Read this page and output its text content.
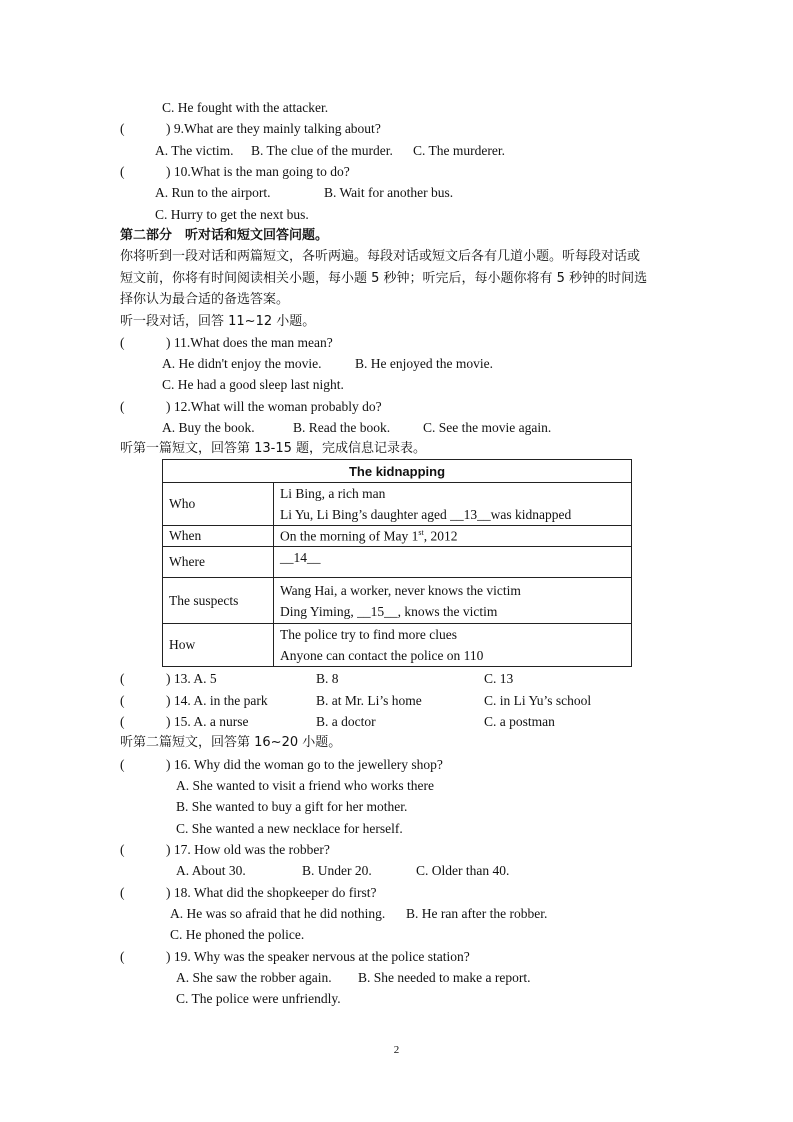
C. He fought with the attacker.
(	) 9.What are they mainly talking about?
A. The victim. B. The clue of the murder. C. The murderer.
(	) 10.What is the man going to do?
A. Run to the airport.	B. Wait for another bus.
C. Hurry to get the next bus.
第二部分　听对话和短文回答问题。
你将听到一段对话和两篇短文，各听两遍。每段对话或短文后各有几道小题。听每段对话或
短文前，你将有时间阅读相关小题，每小题 5 秒钟；听完后，每小题你将有 5 秒钟的时间选
择你认为最合适的备选答案。
听一段对话，回答 11~12 小题。
(	) 11.What does the man mean?
A. He didn't enjoy the movie. B. He enjoyed the movie.
C. He had a good sleep last night.
(	) 12.What will the woman probably do?
A. Buy the book.	B. Read the book. C. See the movie again.
听第一篇短文，回答第 13-15 题，完成信息记录表。
The kidnapping	
Who	Li Bing, a rich man
Li Yu, Li Bing’s daughter aged __13__was kidnapped

When	On the morning of May 1st, 2012
Where	__14__

The suspects	Wang Hai, a worker, never knows the victim
Ding Yiming, __15__, knows the victim

How	The police try to find more clues
Anyone can contact the police on 110
(	) 13. A. 5	B. 8	C. 13
(	) 14. A. in the park	B. at Mr. Li’s home	C. in Li Yu’s school
(	) 15. A. a nurse	B. a doctor	C. a postman
听第二篇短文，回答第 16~20 小题。
(	) 16. Why did the woman go to the jewellery shop?
A. She wanted to visit a friend who works there
B. She wanted to buy a gift for her mother.
C. She wanted a new necklace for herself.
(	) 17. How old was the robber?
A. About 30.	B. Under 20.	C. Older than 40.
(	) 18. What did the shopkeeper do first?
A. He was so afraid that he did nothing. B. He ran after the robber.
C. He phoned the police.
(	) 19. Why was the speaker nervous at the police station?
A. She saw the robber again. B. She needed to make a report.
C. The police were unfriendly.
2
